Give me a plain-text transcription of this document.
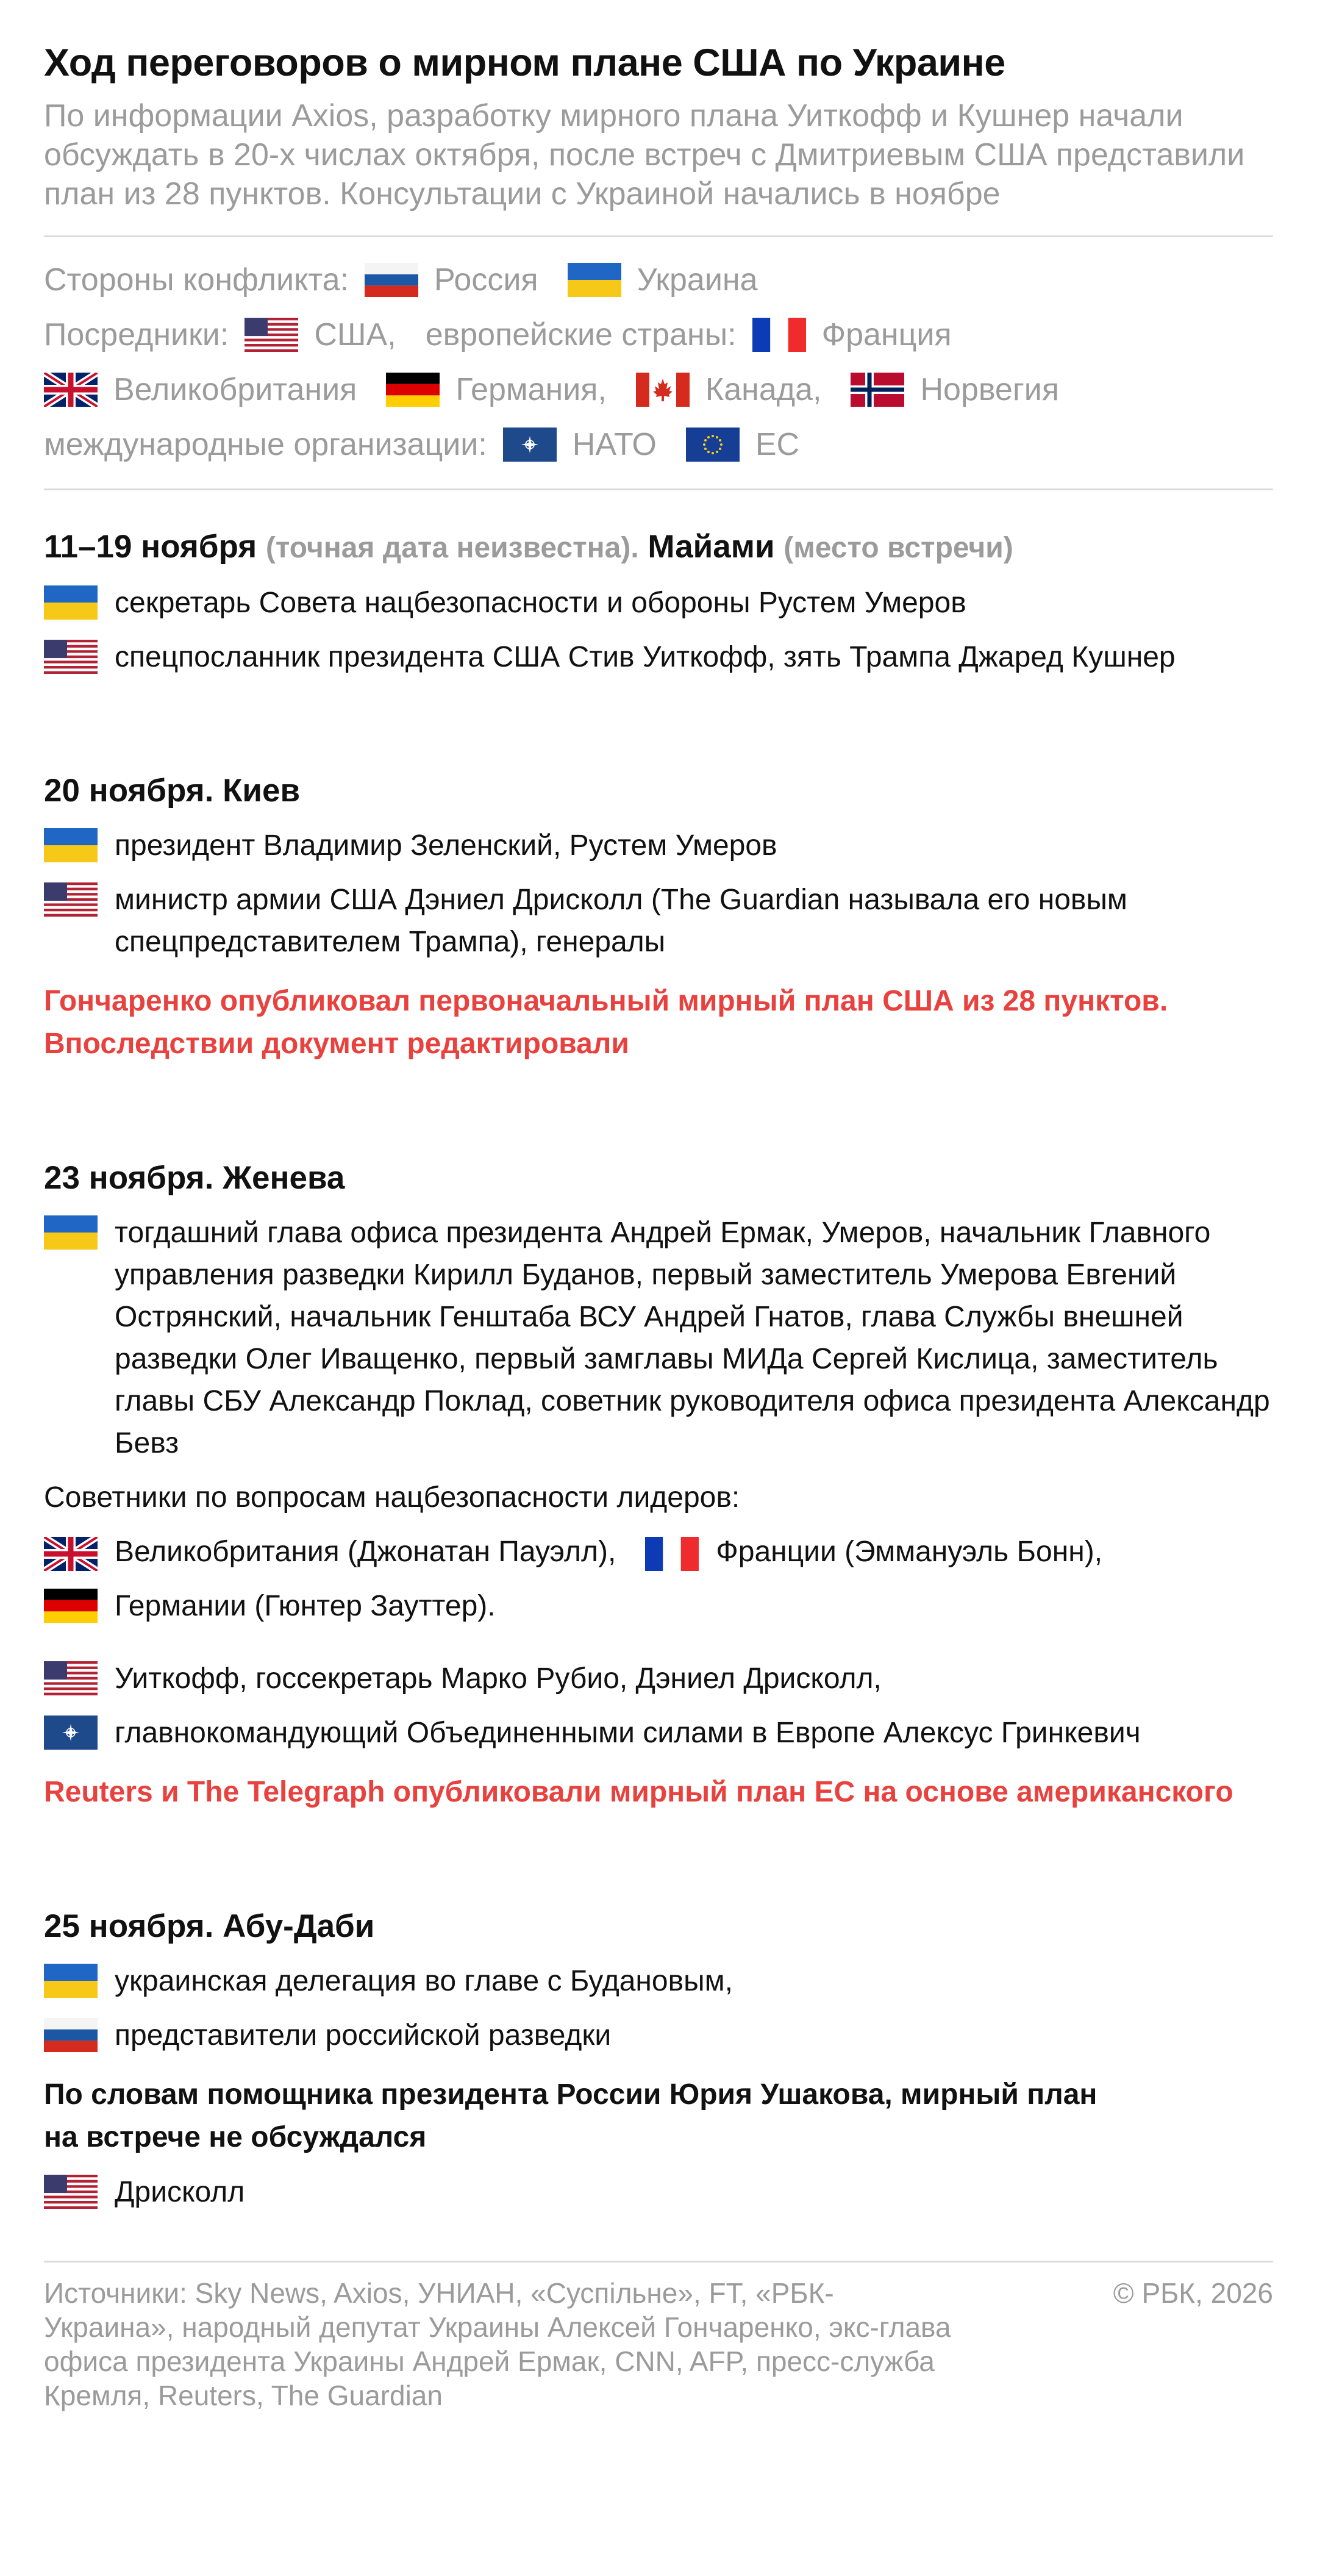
Ход переговоров о мирном плане США по Украине
По информации Axios, разработку мирного плана Уиткофф и Кушнер начали обсуждать в 20-х числах октября, после встреч с Дмитриевым США представили план из 28 пунктов. Консультации с Украиной начались в ноябре
Стороны конфликта:	Россия	Украина
Посредники:	США, европейские страны:	Франция
Великобритания	Германия,	Канада,	Норвегия
международные организации:	НАТО	ЕС
11–19 ноября (точная дата неизвестна). Майами (место встречи)
секретарь Совета нацбезопасности и обороны Рустем Умеров
спецпосланник президента США Стив Уиткофф, зять Трампа Джаред Кушнер
20 ноября. Киев
президент Владимир Зеленский, Рустем Умеров
министр армии США Дэниел Дрисколл (The Guardian называла его новым спецпредставителем Трампа), генералы
Гончаренко опубликовал первоначальный мирный план США из 28 пунктов. Впоследствии документ редактировали
23 ноября. Женева
тогдашний глава офиса президента Андрей Ермак, Умеров, начальник Главного управления разведки Кирилл Буданов, первый заместитель Умерова Евгений Острянский, начальник Генштаба ВСУ Андрей Гнатов, глава Службы внешней разведки Олег Иващенко, первый замглавы МИДа Сергей Кислица, заместитель главы СБУ Александр Поклад, советник руководителя офиса президента Александр Бевз
Советники по вопросам нацбезопасности лидеров:
Великобритания (Джонатан Пауэлл),	Франции (Эммануэль Бонн),
Германии (Гюнтер Зауттер).
Уиткофф, госсекретарь Марко Рубио, Дэниел Дрисколл,
главнокомандующий Объединенными силами в Европе Алексус Гринкевич
Reuters и The Telegraph опубликовали мирный план ЕС на основе американского
25 ноября. Абу-Даби
украинская делегация во главе с Будановым,
представители российской разведки
По словам помощника президента России Юрия Ушакова, мирный план на встрече не обсуждался
Дрисколл
Источники: Sky News, Axios, УНИАН, «Суспільне», FT, «РБК-Украина», народный депутат Украины Алексей Гончаренко, экс-глава офиса президента Украины Андрей Ермак, CNN, AFP, пресс-служба Кремля, Reuters, The Guardian
© РБК, 2026
